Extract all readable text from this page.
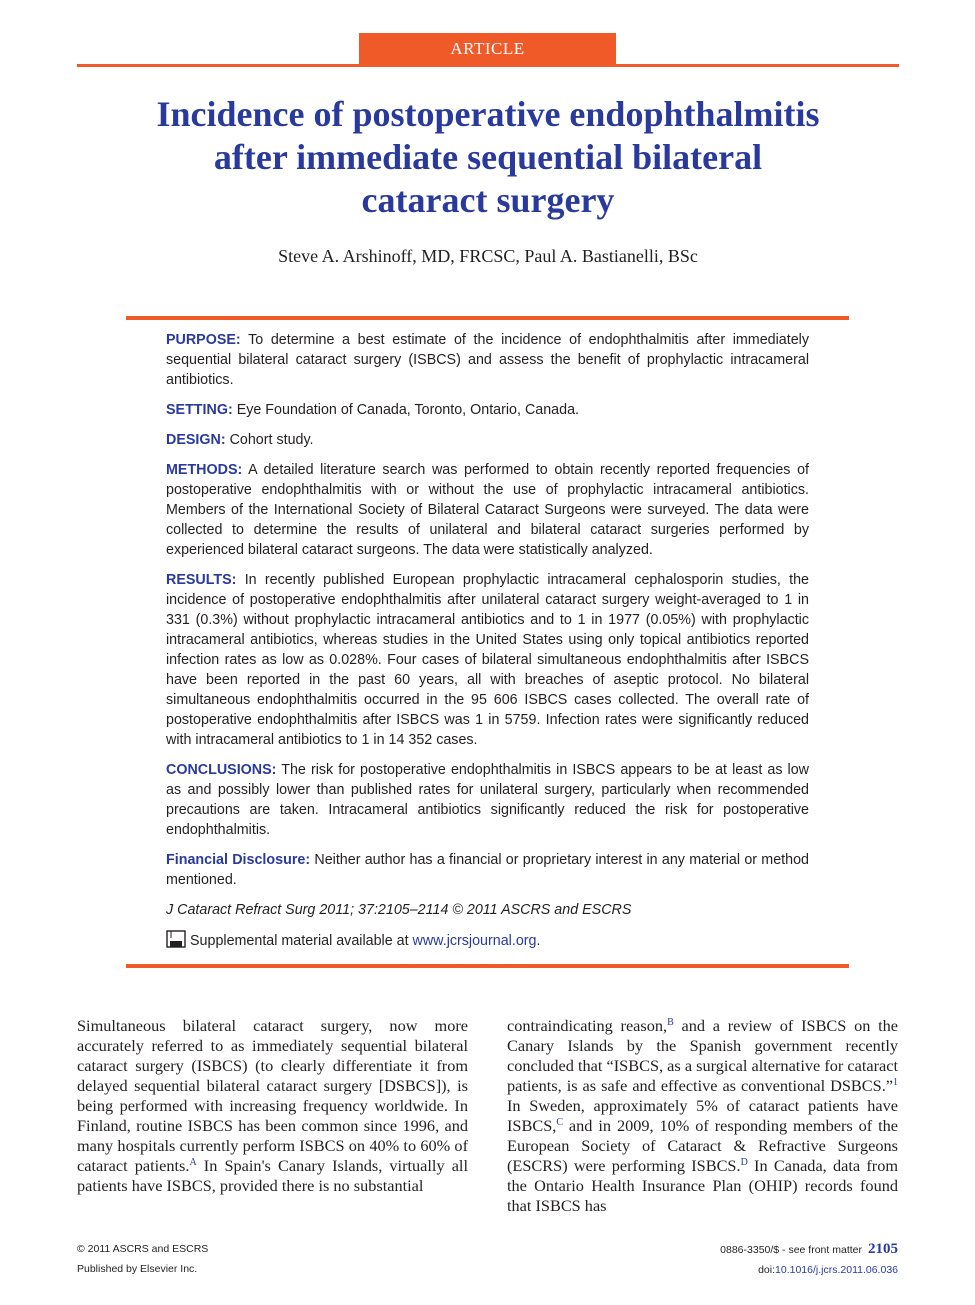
ARTICLE
Incidence of postoperative endophthalmitis
after immediate sequential bilateral
cataract surgery
Steve A. Arshinoff, MD, FRCSC, Paul A. Bastianelli, BSc

PURPOSE: To determine a best estimate of the incidence of endophthalmitis after immediately sequential bilateral cataract surgery (ISBCS) and assess the benefit of prophylactic intracameral antibiotics.

SETTING: Eye Foundation of Canada, Toronto, Ontario, Canada.

DESIGN: Cohort study.

METHODS: A detailed literature search was performed to obtain recently reported frequencies of postoperative endophthalmitis with or without the use of prophylactic intracameral antibiotics. Members of the International Society of Bilateral Cataract Surgeons were surveyed. The data were collected to determine the results of unilateral and bilateral cataract surgeries performed by experienced bilateral cataract surgeons. The data were statistically analyzed.

RESULTS: In recently published European prophylactic intracameral cephalosporin studies, the incidence of postoperative endophthalmitis after unilateral cataract surgery weight-averaged to 1 in 331 (0.3%) without prophylactic intracameral antibiotics and to 1 in 1977 (0.05%) with prophylactic intracameral antibiotics, whereas studies in the United States using only topical antibiotics reported infection rates as low as 0.028%. Four cases of bilateral simultaneous endophthalmitis after ISBCS have been reported in the past 60 years, all with breaches of aseptic protocol. No bilateral simultaneous endophthalmitis occurred in the 95 606 ISBCS cases collected. The overall rate of postoperative endophthalmitis after ISBCS was 1 in 5759. Infection rates were significantly reduced with intracameral antibiotics to 1 in 14 352 cases.

CONCLUSIONS: The risk for postoperative endophthalmitis in ISBCS appears to be at least as low as and possibly lower than published rates for unilateral surgery, particularly when recommended precautions are taken. Intracameral antibiotics significantly reduced the risk for postoperative endophthalmitis.

Financial Disclosure: Neither author has a financial or proprietary interest in any material or method mentioned.

J Cataract Refract Surg 2011; 37:2105–2114 © 2011 ASCRS and ESCRS

Supplemental material available at www.jcrsjournal.org.

Simultaneous bilateral cataract surgery, now more accurately referred to as immediately sequential bilateral cataract surgery (ISBCS) (to clearly differentiate it from delayed sequential bilateral cataract surgery [DSBCS]), is being performed with increasing frequency worldwide. In Finland, routine ISBCS has been common since 1996, and many hospitals currently perform ISBCS on 40% to 60% of cataract patients.$^A$ In Spain's Canary Islands, virtually all patients have ISBCS, provided there is no substantial

contraindicating reason,$^B$ and a review of ISBCS on the Canary Islands by the Spanish government recently concluded that “ISBCS, as a surgical alternative for cataract patients, is as safe and effective as conventional DSBCS.”$^1$ In Sweden, approximately 5% of cataract patients have ISBCS,$^C$ and in 2009, 10% of responding members of the European Society of Cataract & Refractive Surgeons (ESCRS) were performing ISBCS.$^D$ In Canada, data from the Ontario Health Insurance Plan (OHIP) records found that ISBCS has

© 2011 ASCRS and ESCRS
Published by Elsevier Inc.
0886-3350/$ - see front matter 2105
doi:10.1016/j.jcrs.2011.06.036
